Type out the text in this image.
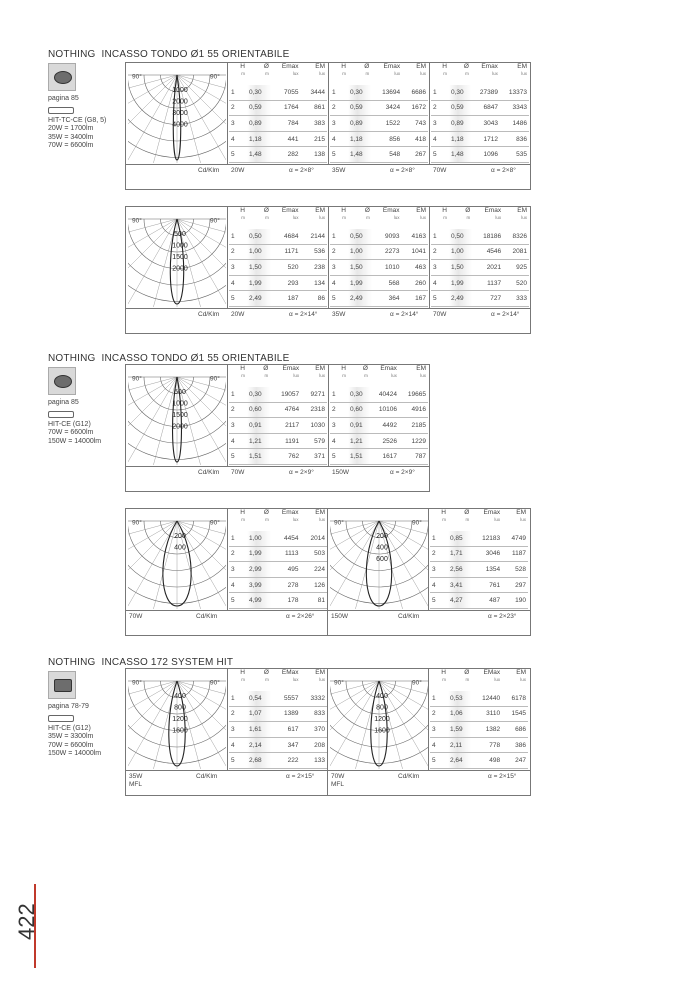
NOTHING INCASSO TONDO Ø1 55 ORIENTABILE
pagina 85
HIT-TC-CE (G8, 5)
20W = 1700lm
35W = 3400lm
70W = 6600lm
90°	90°
1000
2000
3000
4000
Cd/Klm
H
m	Ø
m	Emax
lux	EM
lux

1	0,30	7055	3444
2	0,59	1764	861
3	0,89	784	383
4	1,18	441	215
5	1,48	282	138
20W	α = 2×8°
H
m	Ø
m	Emax
lux	EM
lux

1	0,30	13694	6686
2	0,59	3424	1672
3	0,89	1522	743
4	1,18	856	418
5	1,48	548	267
35W	α = 2×8°
H
m	Ø
m	Emax
lux	EM
lux

1	0,30	27389	13373
2	0,59	6847	3343
3	0,89	3043	1486
4	1,18	1712	836
5	1,48	1096	535
70W	α = 2×8°
90°	90°
500
1000
1500
2000
Cd/Klm
H
m	Ø
m	Emax
lux	EM
lux

1	0,50	4684	2144
2	1,00	1171	536
3	1,50	520	238
4	1,99	293	134
5	2,49	187	86
20W	α = 2×14°
H
m	Ø
m	Emax
lux	EM
lux

1	0,50	9093	4163
2	1,00	2273	1041
3	1,50	1010	463
4	1,99	568	260
5	2,49	364	167
35W	α = 2×14°
H
m	Ø
m	Emax
lux	EM
lux

1	0,50	18186	8326
2	1,00	4546	2081
3	1,50	2021	925
4	1,99	1137	520
5	2,49	727	333
70W	α = 2×14°
NOTHING INCASSO TONDO Ø1 55 ORIENTABILE
pagina 85
HIT-CE (G12)
70W = 6600lm
150W = 14000lm
90°	90°
500
1000
1500
2000
Cd/Klm
H
m	Ø
m	Emax
lux	EM
lux

1	0,30	19057	9271
2	0,60	4764	2318
3	0,91	2117	1030
4	1,21	1191	579
5	1,51	762	371
70W	α = 2×9°
H
m	Ø
m	Emax
lux	EM
lux

1	0,30	40424	19665
2	0,60	10106	4916
3	0,91	4492	2185
4	1,21	2526	1229
5	1,51	1617	787
150W	α = 2×9°
90°	90°
200
400
H
m	Ø
m	Emax
lux	EM
lux

1	1,00	4454	2014
2	1,99	1113	503
3	2,99	495	224
4	3,99	278	126
5	4,99	178	81
90°	90°
200
400
600
H
m	Ø
m	Emax
lux	EM
lux

1	0,85	12183	4749
2	1,71	3046	1187
3	2,56	1354	528
4	3,41	761	297
5	4,27	487	190
70W	Cd/Klm	α = 2×26°	150W	Cd/Klm	α = 2×23°
NOTHING INCASSO 172 SYSTEM HIT
pagina 78-79
HIT-CE (G12)
35W = 3300lm
70W = 6600lm
150W = 14000lm
90°	90°
400
800
1200
1600
H
m	Ø
m	EMax
lux	EM
lux

1	0,54	5557	3332
2	1,07	1389	833
3	1,61	617	370
4	2,14	347	208
5	2,68	222	133
90°	90°
400
800
1200
1600
H
m	Ø
m	EMax
lux	EM
lux

1	0,53	12440	6178
2	1,06	3110	1545
3	1,59	1382	686
4	2,11	778	386
5	2,64	498	247
35W
MFL
Cd/Klm	α = 2×15°	70W
MFL
Cd/Klm	α = 2×15°
422
